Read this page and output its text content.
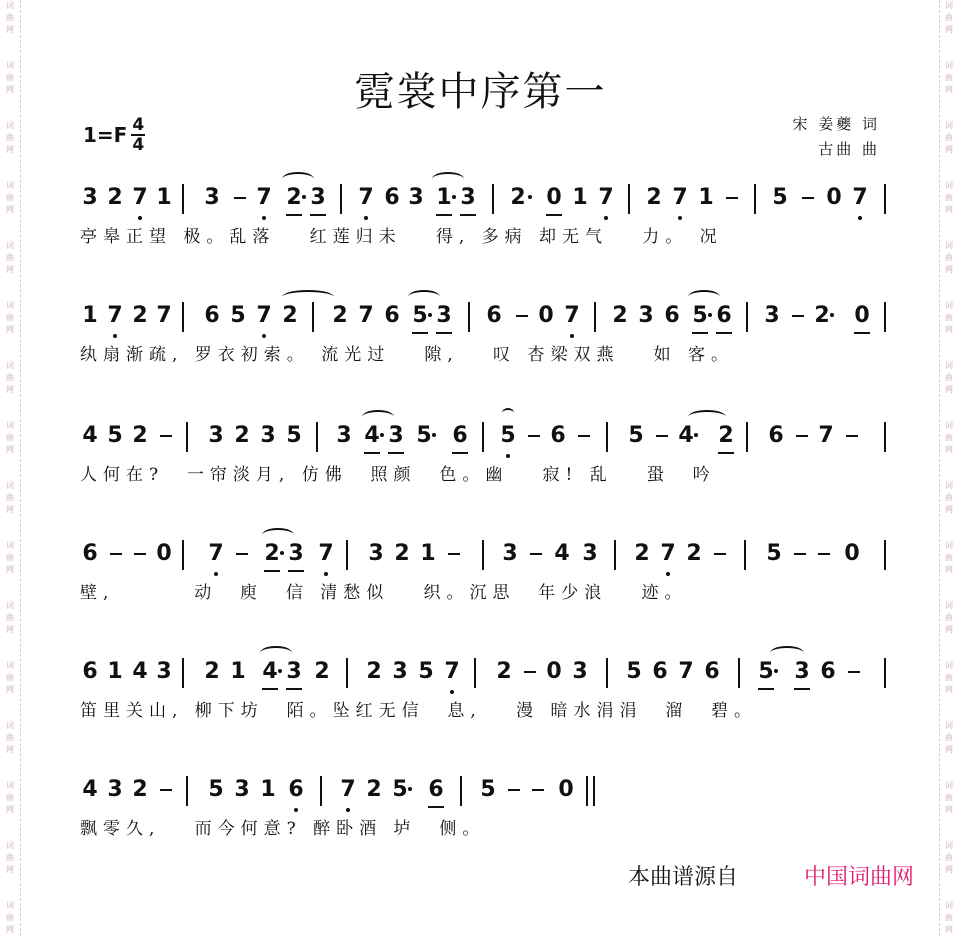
词
曲
网
词
曲
网
词
曲
网
词
曲
网
词
曲
网
词
曲
网
词
曲
网
词
曲
网
词
曲
网
词
曲
网
词
曲
网
词
曲
网
词
曲
网
词
曲
网
词
曲
网
词
曲
网
词
曲
网
词
曲
网
词
曲
网
词
曲
网
词
曲
网
词
曲
网
词
曲
网
词
曲
网
词
曲
网
词
曲
网
词
曲
网
词
曲
网
词
曲
网
词
曲
网
词
曲
网
词
曲
网
霓裳中序第一
$1=F \frac{4}{4}$	宋 姜夔 词
古曲 曲
3 2 7 1 3 7 2 3 7 6 3 1 3 2 0 1 7 2 7 1	5 0 7
亭皋正望 极。乱落   红莲归未   得, 多病 却无气   力。 况
1 7 2 7 6 5 7 2 2 7 6 5 3 6 0 7 2 3 6 5 6 3 2 0
纨扇渐疏, 罗衣初索。 流光过   隙,   叹 杏梁双燕   如 客。
4 5 2	3 2 3 5 3 4 3 5 6 5 6	5 4 2 6 7
人何在?  一帘淡月, 仿佛  照颜  色。幽   寂! 乱   蛩  吟
6	0 7 2 3 7 3 2 1	3 4 3 2 7 2	5	0
壁,       动  庾  信 清愁似   织。沉思  年少浪   迹。
6 1 4 3 2 1 4 3 2 2 3 5 7 2 0 3 5 6 7 6 5 3 6
笛里关山, 柳下坊  陌。坠红无信  息,   漫 暗水涓涓  溜  碧。
4 3 2	5 3 1 6 7 2 5 6 5	0
飘零久,   而今何意? 醉卧酒 垆  侧。
本曲谱源自	中国词曲网
